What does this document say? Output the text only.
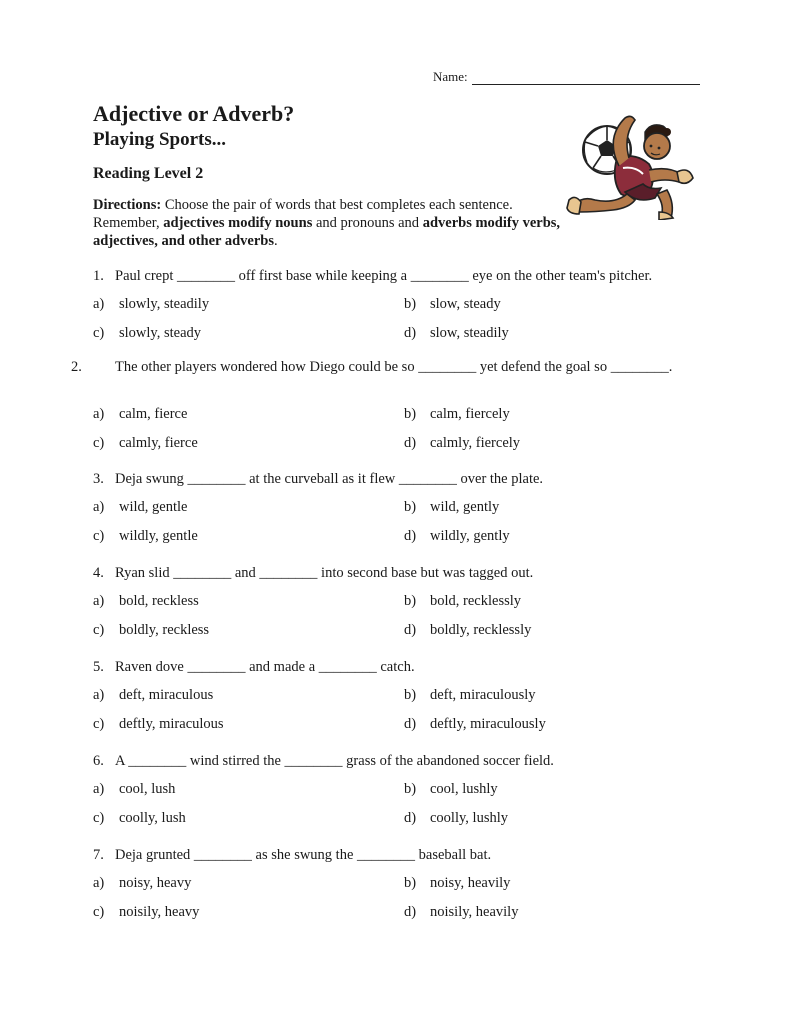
Name:
Adjective or Adverb?
Playing Sports...
Reading Level 2
Directions: Choose the pair of words that best completes each sentence. Remember, adjectives modify nouns and pronouns and adverbs modify verbs, adjectives, and other adverbs.
1. Paul crept ________ off first base while keeping a ________ eye on the other team's pitcher.
a) slowly, steadily	b) slow, steady
c) slowly, steady	d) slow, steadily
2. The other players wondered how Diego could be so ________ yet defend the goal so ________.
a) calm, fierce	b) calm, fiercely
c) calmly, fierce	d) calmly, fiercely
3. Deja swung ________ at the curveball as it flew ________ over the plate.
a) wild, gentle	b) wild, gently
c) wildly, gentle	d) wildly, gently
4. Ryan slid ________ and ________ into second base but was tagged out.
a) bold, reckless	b) bold, recklessly
c) boldly, reckless	d) boldly, recklessly
5. Raven dove ________ and made a ________ catch.
a) deft, miraculous	b) deft, miraculously
c) deftly, miraculous	d) deftly, miraculously
6. A ________ wind stirred the ________ grass of the abandoned soccer field.
a) cool, lush	b) cool, lushly
c) coolly, lush	d) coolly, lushly
7. Deja grunted ________ as she swung the ________ baseball bat.
a) noisy, heavy	b) noisy, heavily
c) noisily, heavy	d) noisily, heavily
